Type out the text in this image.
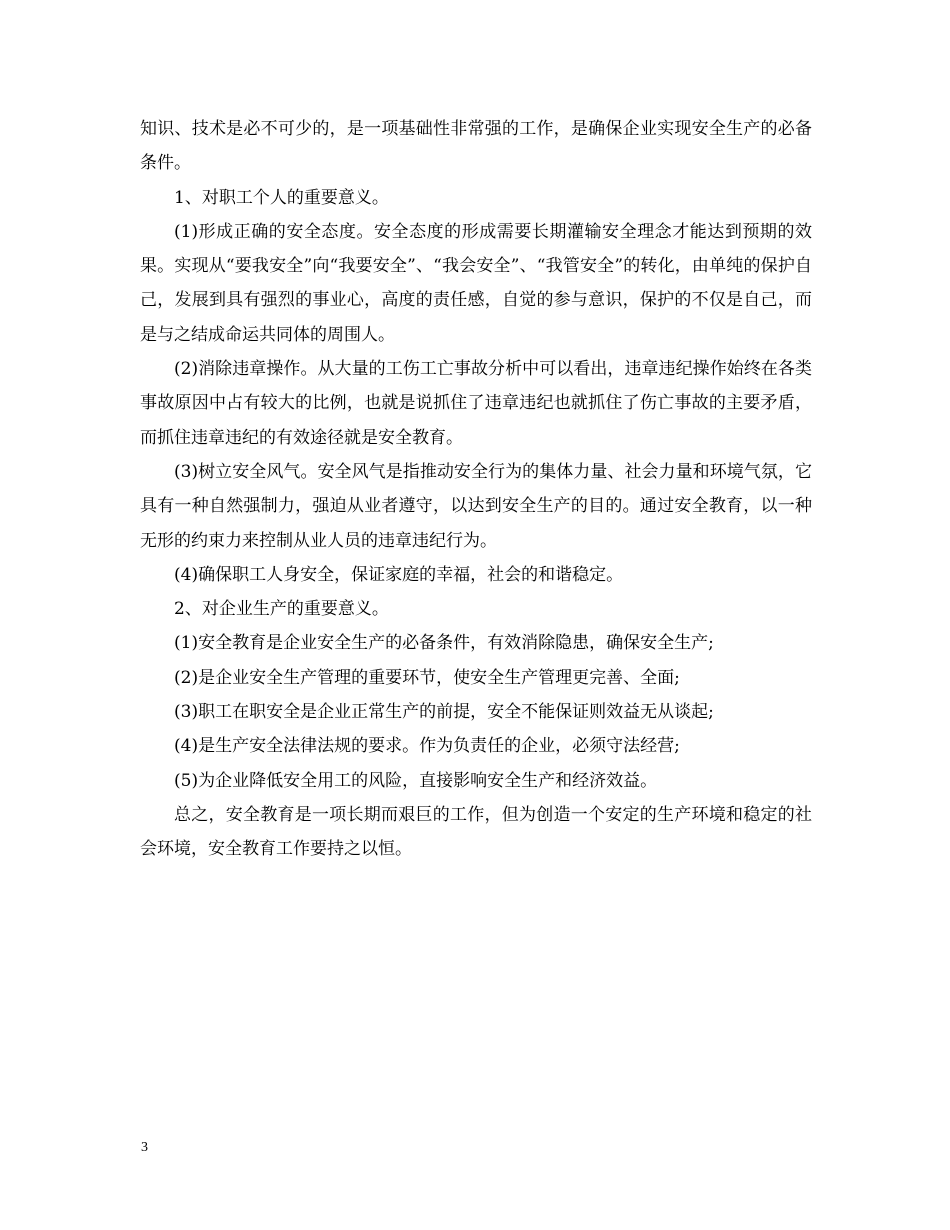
知识、技术是必不可少的，是一项基础性非常强的工作，是确保企业实现安全生产的必备条件。

1、对职工个人的重要意义。

(1)形成正确的安全态度。安全态度的形成需要长期灌输安全理念才能达到预期的效果。实现从“要我安全”向“我要安全”、“我会安全”、“我管安全”的转化，由单纯的保护自己，发展到具有强烈的事业心，高度的责任感，自觉的参与意识，保护的不仅是自己，而是与之结成命运共同体的周围人。

(2)消除违章操作。从大量的工伤工亡事故分析中可以看出，违章违纪操作始终在各类事故原因中占有较大的比例，也就是说抓住了违章违纪也就抓住了伤亡事故的主要矛盾，而抓住违章违纪的有效途径就是安全教育。

(3)树立安全风气。安全风气是指推动安全行为的集体力量、社会力量和环境气氛，它具有一种自然强制力，强迫从业者遵守，以达到安全生产的目的。通过安全教育，以一种无形的约束力来控制从业人员的违章违纪行为。

(4)确保职工人身安全，保证家庭的幸福，社会的和谐稳定。

2、对企业生产的重要意义。

(1)安全教育是企业安全生产的必备条件，有效消除隐患，确保安全生产;

(2)是企业安全生产管理的重要环节，使安全生产管理更完善、全面;

(3)职工在职安全是企业正常生产的前提，安全不能保证则效益无从谈起;

(4)是生产安全法律法规的要求。作为负责任的企业，必须守法经营;

(5)为企业降低安全用工的风险，直接影响安全生产和经济效益。

总之，安全教育是一项长期而艰巨的工作，但为创造一个安定的生产环境和稳定的社会环境，安全教育工作要持之以恒。

3
